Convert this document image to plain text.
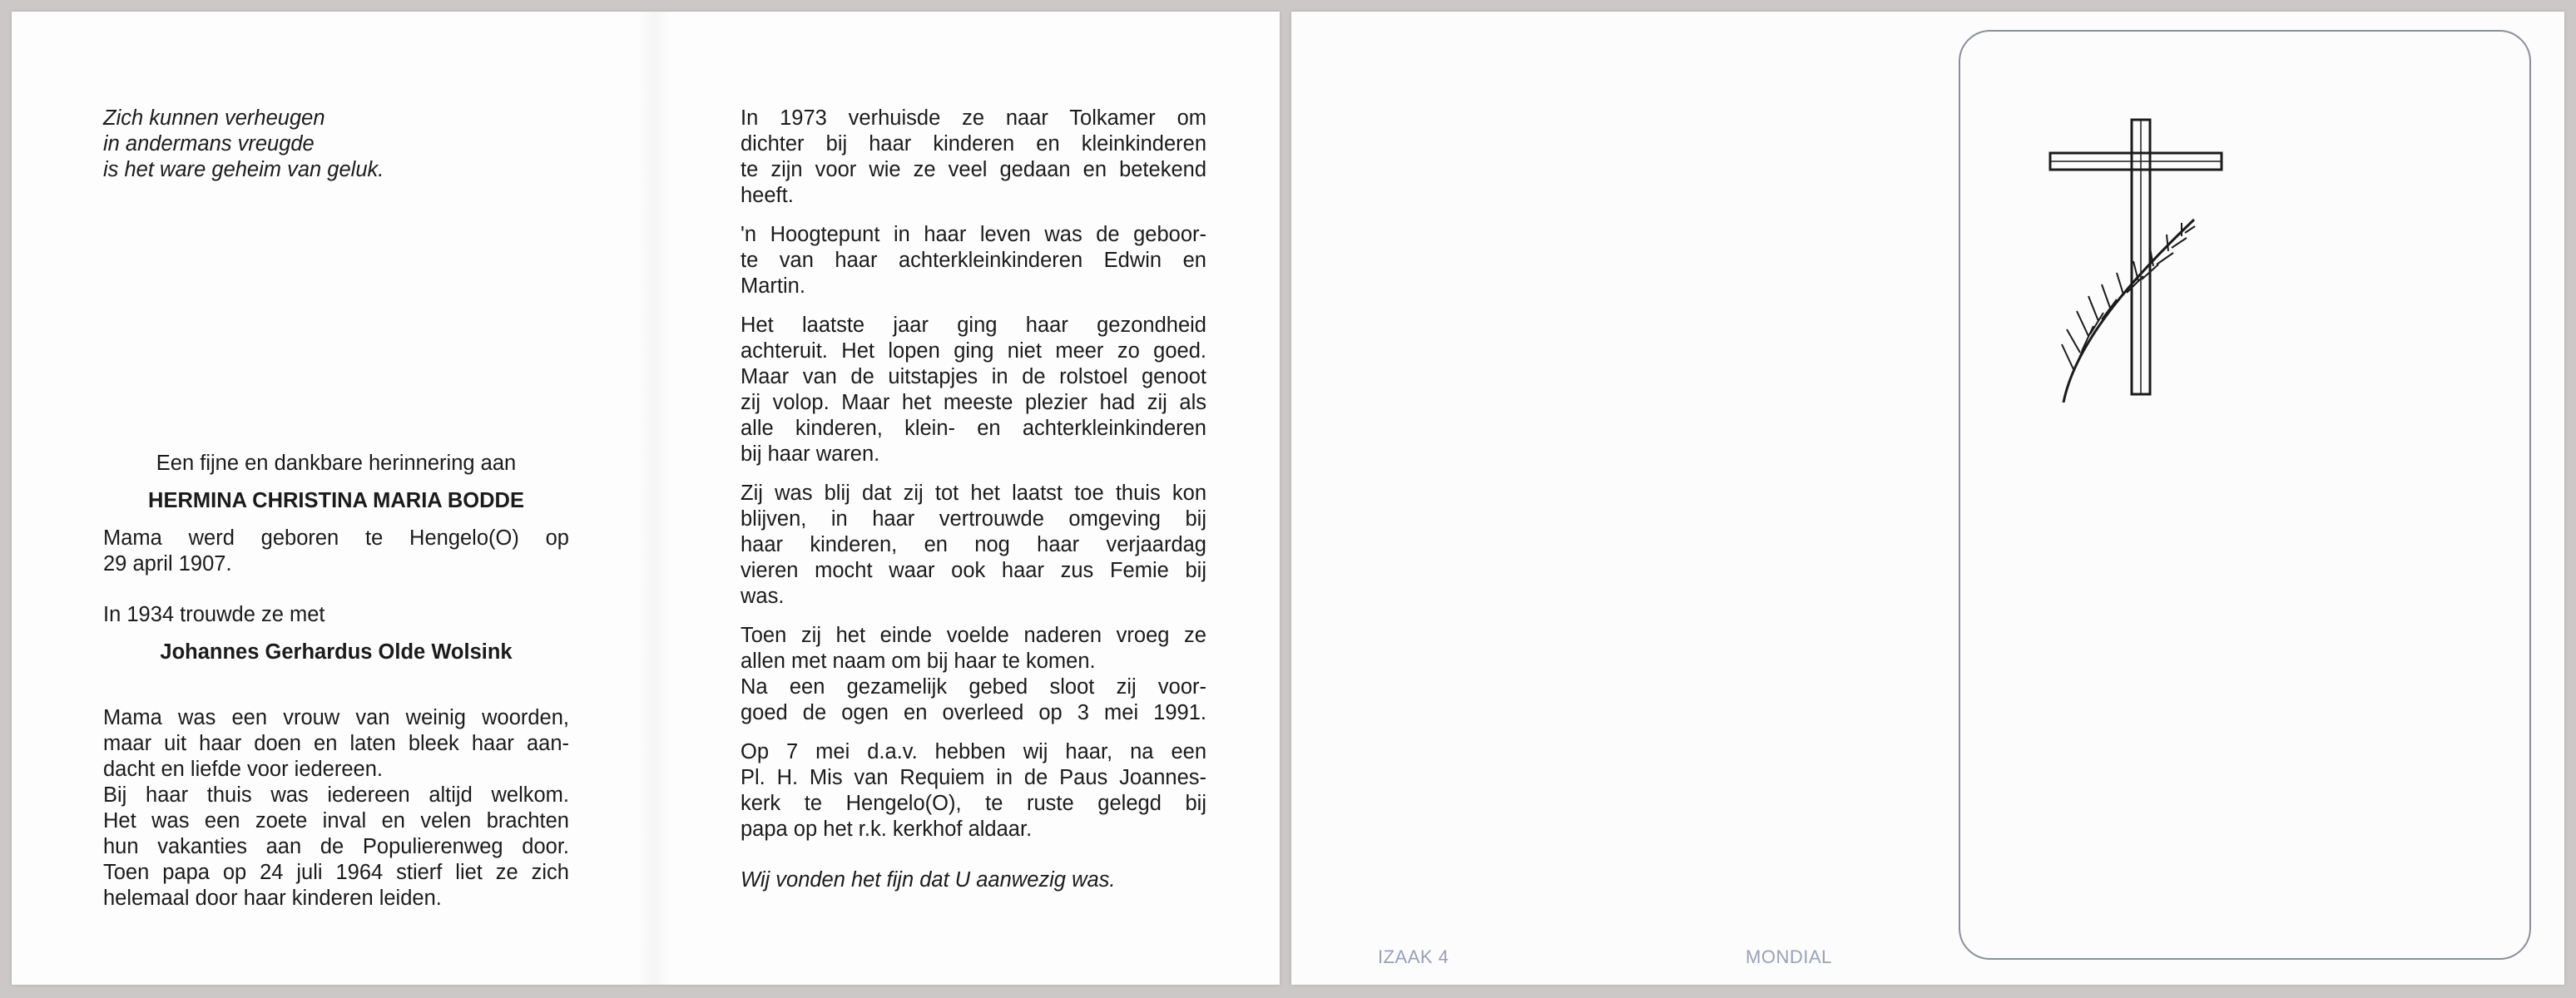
Zich kunnen verheugen
in andermans vreugde
is het ware geheim van geluk.

Een fijne en dankbare herinnering aan
HERMINA CHRISTINA MARIA BODDE

Mama werd geboren te Hengelo(O) op
29 april 1907.

In 1934 trouwde ze met
Johannes Gerhardus Olde Wolsink

Mama was een vrouw van weinig woorden,
maar uit haar doen en laten bleek haar aan-
dacht en liefde voor iedereen.
Bij haar thuis was iedereen altijd welkom.
Het was een zoete inval en velen brachten
hun vakanties aan de Populierenweg door.
Toen papa op 24 juli 1964 stierf liet ze zich
helemaal door haar kinderen leiden.

In 1973 verhuisde ze naar Tolkamer om
dichter bij haar kinderen en kleinkinderen
te zijn voor wie ze veel gedaan en betekend
heeft.

'n Hoogtepunt in haar leven was de geboor-
te van haar achterkleinkinderen Edwin en
Martin.

Het laatste jaar ging haar gezondheid
achteruit. Het lopen ging niet meer zo goed.
Maar van de uitstapjes in de rolstoel genoot
zij volop. Maar het meeste plezier had zij als
alle kinderen, klein- en achterkleinkinderen
bij haar waren.

Zij was blij dat zij tot het laatst toe thuis kon
blijven, in haar vertrouwde omgeving bij
haar kinderen, en nog haar verjaardag
vieren mocht waar ook haar zus Femie bij
was.

Toen zij het einde voelde naderen vroeg ze
allen met naam om bij haar te komen.
Na een gezamelijk gebed sloot zij voor-
goed de ogen en overleed op 3 mei 1991.

Op 7 mei d.a.v. hebben wij haar, na een
Pl. H. Mis van Requiem in de Paus Joannes-
kerk te Hengelo(O), te ruste gelegd bij
papa op het r.k. kerkhof aldaar.

Wij vonden het fijn dat U aanwezig was.
IZAAK 4	MONDIAL
